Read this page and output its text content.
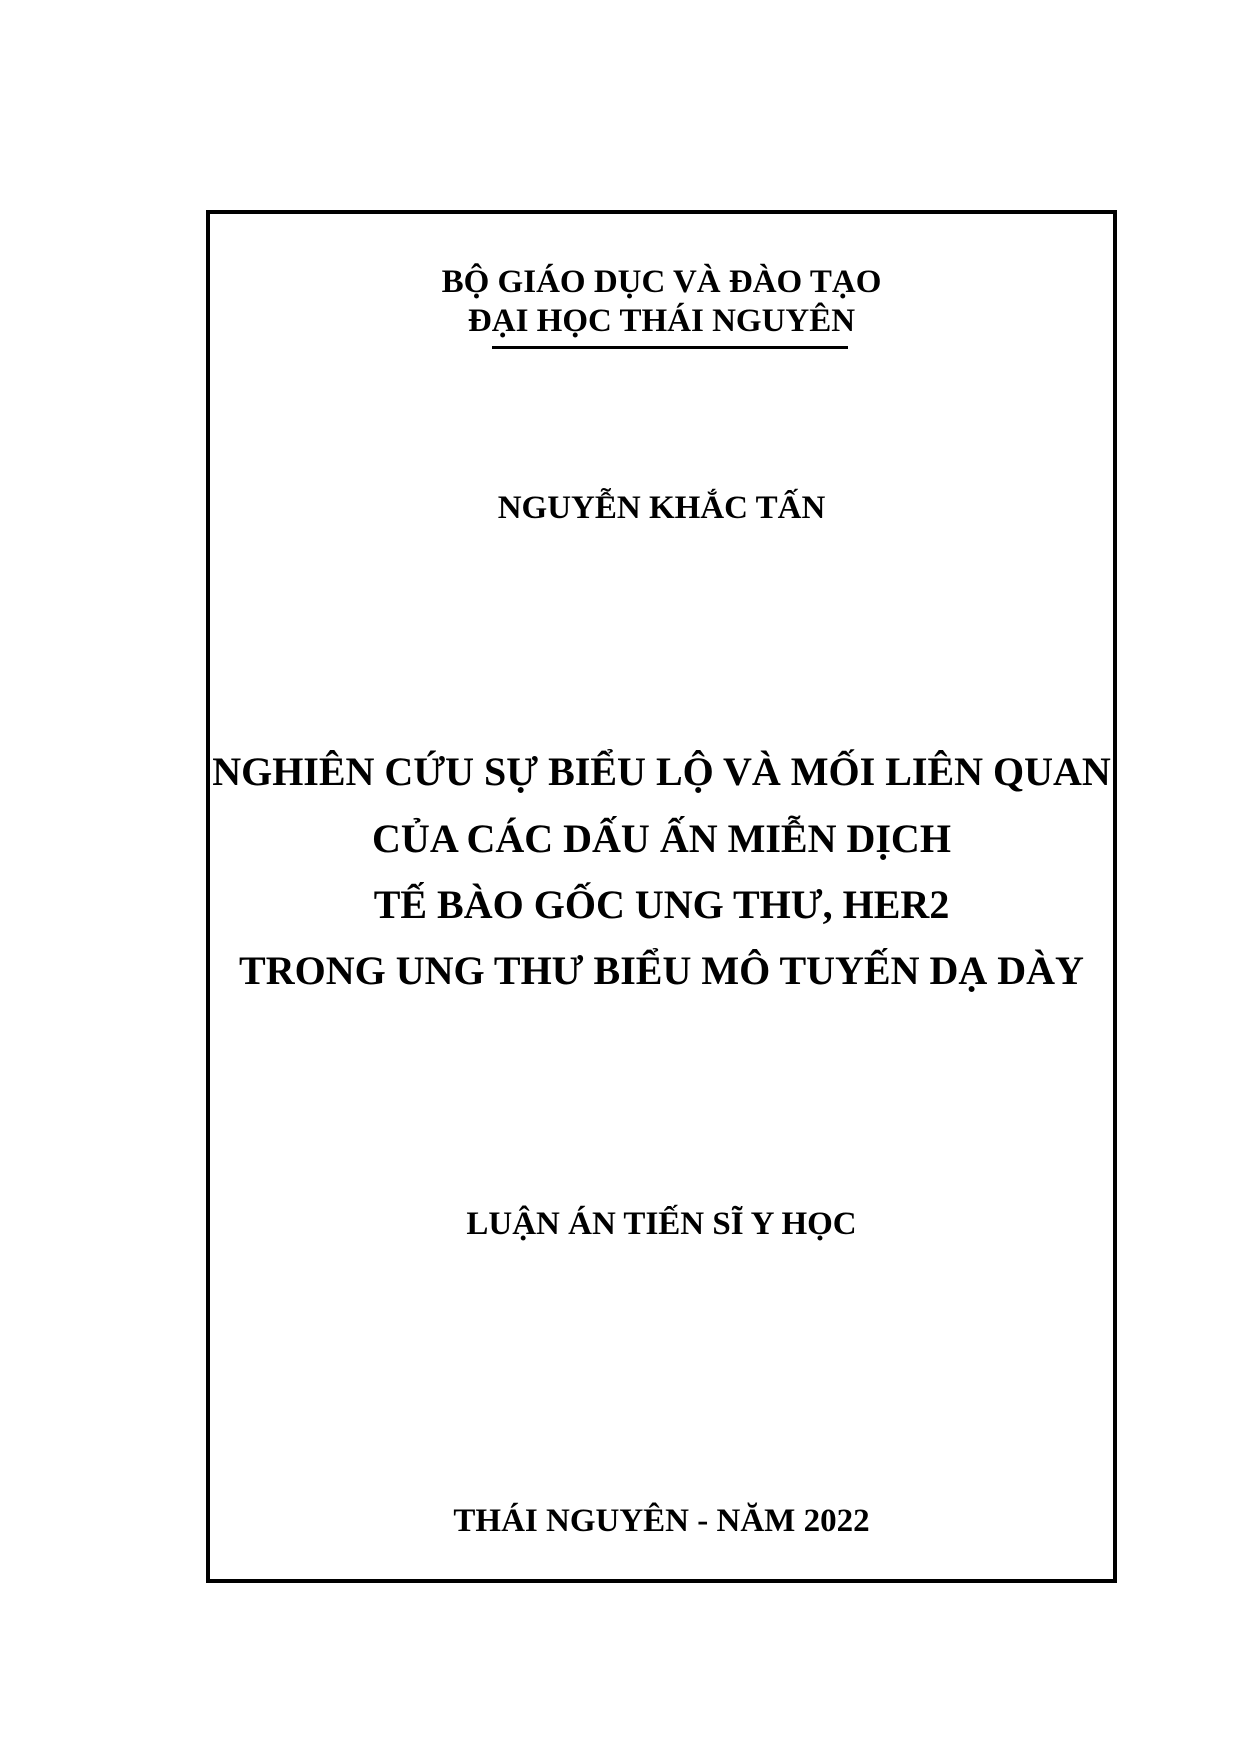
BỘ GIÁO DỤC VÀ ĐÀO TẠO
ĐẠI HỌC THÁI NGUYÊN
NGUYỄN KHẮC TẤN
NGHIÊN CỨU SỰ BIỂU LỘ VÀ MỐI LIÊN QUAN
CỦA CÁC DẤU ẤN MIỄN DỊCH
TẾ BÀO GỐC UNG THƯ, HER2
TRONG UNG THƯ BIỂU MÔ TUYẾN DẠ DÀY
LUẬN ÁN TIẾN SĨ Y HỌC
THÁI NGUYÊN - NĂM 2022
